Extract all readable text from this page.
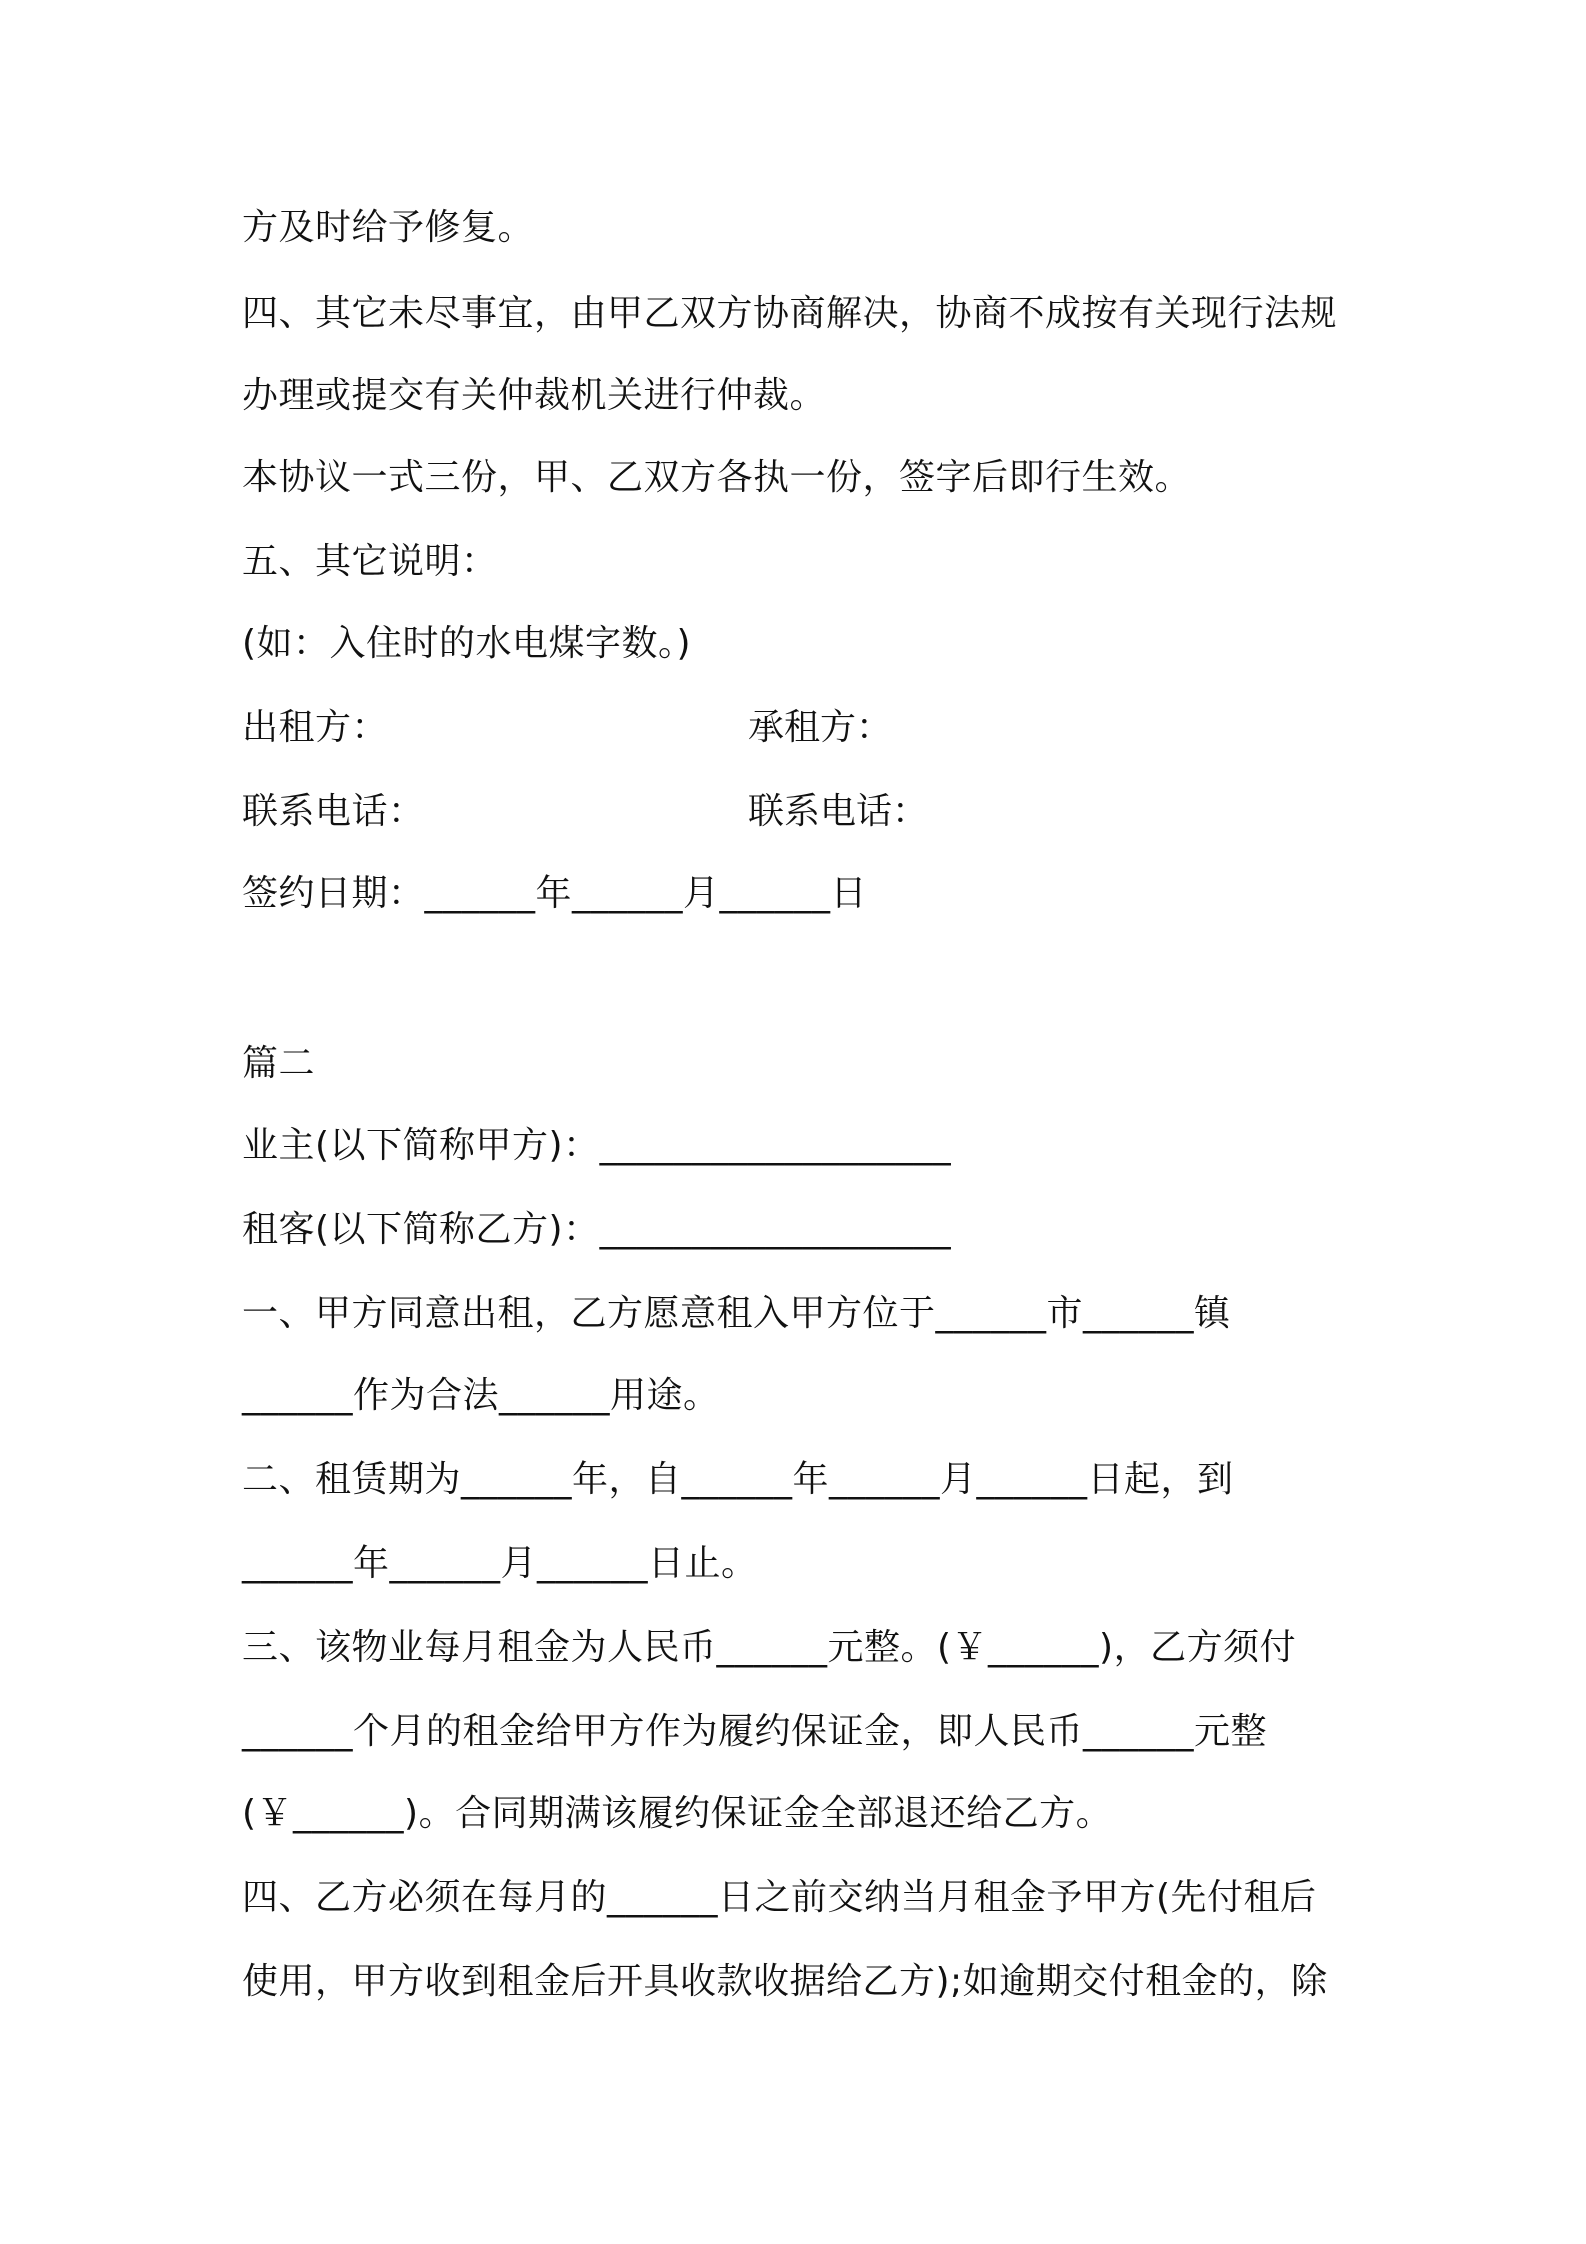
方及时给予修复。
四、其它未尽事宜，由甲乙双方协商解决，协商不成按有关现行法规
办理或提交有关仲裁机关进行仲裁。
本协议一式三份，甲、乙双方各执一份，签字后即行生效。
五、其它说明：
(如：入住时的水电煤字数。)
出租方：	承租方：
联系电话：	联系电话：
签约日期：______年______月______日
篇二
业主(以下简称甲方)：___________________
租客(以下简称乙方)：___________________
一、甲方同意出租，乙方愿意租入甲方位于______市______镇
______作为合法______用途。
二、租赁期为______年，自______年______月______日起，到
______年______月______日止。
三、该物业每月租金为人民币______元整。(￥______)，乙方须付
______个月的租金给甲方作为履约保证金，即人民币______元整
(￥______)。合同期满该履约保证金全部退还给乙方。
四、乙方必须在每月的______日之前交纳当月租金予甲方(先付租后
使用，甲方收到租金后开具收款收据给乙方);如逾期交付租金的，除
